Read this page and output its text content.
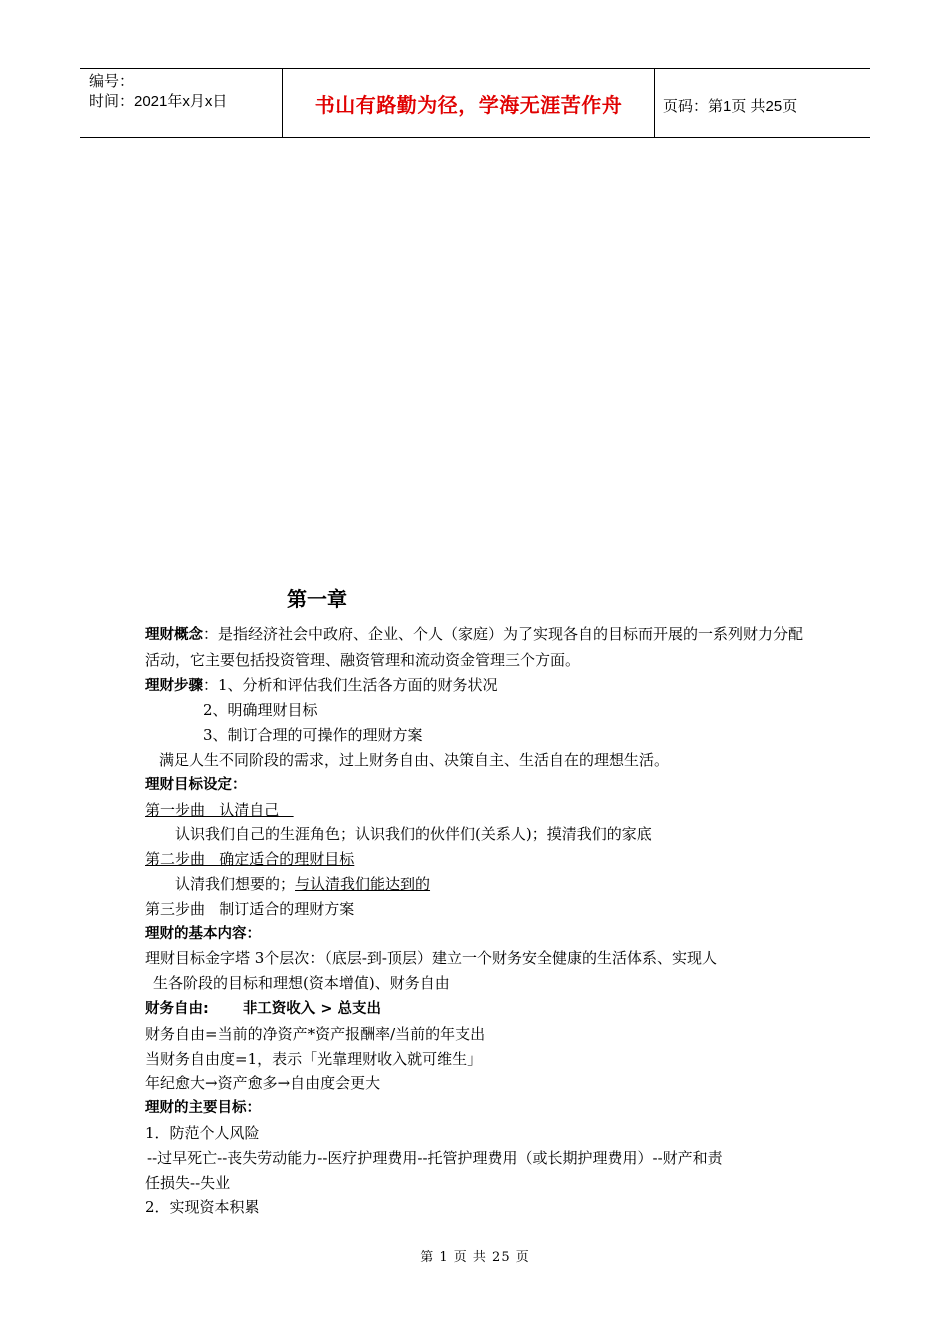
编号：
时间：2021年x月x日	书山有路勤为径，学海无涯苦作舟	页码：第1页 共25页
第一章
理财概念：是指经济社会中政府、企业、个人（家庭）为了实现各自的目标而开展的一系列财力分配活动，它主要包括投资管理、融资管理和流动资金管理三个方面。
理财步骤：1、分析和评估我们生活各方面的财务状况
2、明确理财目标
3、制订合理的可操作的理财方案
满足人生不同阶段的需求，过上财务自由、决策自主、生活自在的理想生活。
理财目标设定：
第一步曲   认清自己
认识我们自己的生涯角色；认识我们的伙伴们(关系人)；摸清我们的家底
第二步曲   确定适合的理财目标
认清我们想要的；与认清我们能达到的
第三步曲   制订适合的理财方案
理财的基本内容：
理财目标金字塔 3个层次：（底层-到-顶层）建立一个财务安全健康的生活体系、实现人
生各阶段的目标和理想(资本增值)、财务自由
财务自由: 非工资收入 > 总支出
财务自由=当前的净资产*资产报酬率/当前的年支出
当财务自由度=1，表示「光靠理财收入就可维生」
年纪愈大→资产愈多→自由度会更大
理财的主要目标：
1．防范个人风险
--过早死亡--丧失劳动能力--医疗护理费用--托管护理费用（或长期护理费用）--财产和责
任损失--失业
2．实现资本积累
第 1 页 共 25 页
